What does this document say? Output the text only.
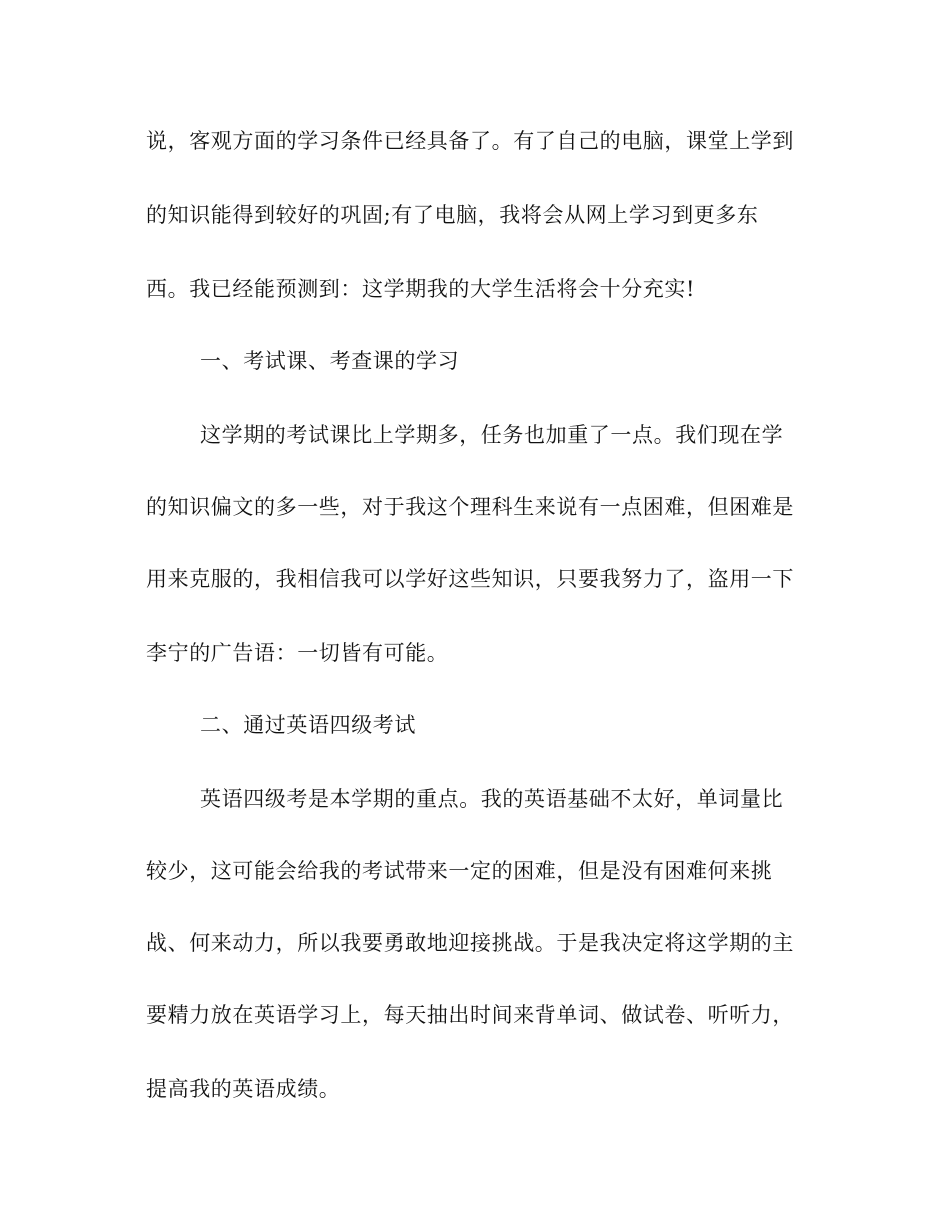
说，客观方面的学习条件已经具备了。有了自己的电脑，课堂上学到
的知识能得到较好的巩固;有了电脑，我将会从网上学习到更多东
西。我已经能预测到：这学期我的大学生活将会十分充实!
一、考试课、考查课的学习
这学期的考试课比上学期多，任务也加重了一点。我们现在学
的知识偏文的多一些，对于我这个理科生来说有一点困难，但困难是
用来克服的，我相信我可以学好这些知识，只要我努力了，盗用一下
李宁的广告语：一切皆有可能。
二、通过英语四级考试
英语四级考是本学期的重点。我的英语基础不太好，单词量比
较少，这可能会给我的考试带来一定的困难，但是没有困难何来挑
战、何来动力，所以我要勇敢地迎接挑战。于是我决定将这学期的主
要精力放在英语学习上，每天抽出时间来背单词、做试卷、听听力，
提高我的英语成绩。
